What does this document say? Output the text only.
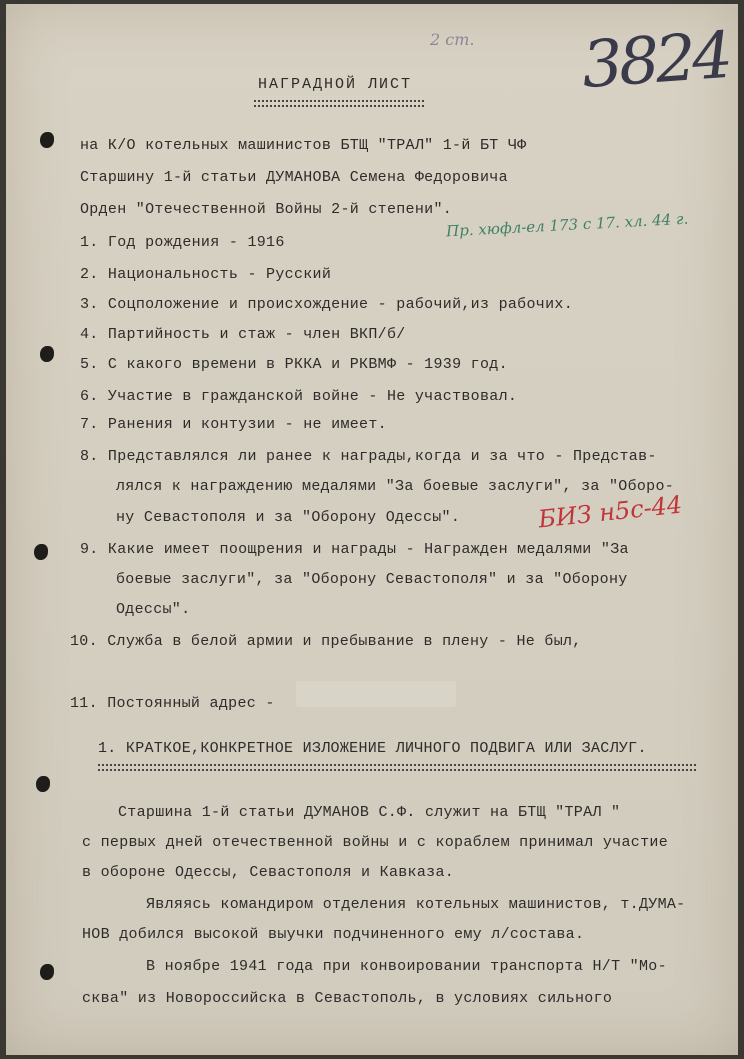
2 ст. 3824
НАГРАДНОЙ ЛИСТ
на К/О котельных машинистов БТЩ "ТРАЛ" 1-й БТ ЧФ
Старшину 1-й статьи ДУМАНОВА Семена Федоровича
Орден "Отечественной Войны 2-й степени".
Пр. хюфл-ел 173 с 17. хл. 44 г.
1. Год рождения - 1916
2. Национальность - Русский
3. Соцположение и происхождение - рабочий,из рабочих.
4. Партийность и стаж - член ВКП/б/
5. С какого времени в РККА и РКВМФ - 1939 год.
6. Участие в гражданской войне - Не участвовал.
7. Ранения и контузии - не имеет.
8. Представлялся ли ранее к награды,когда и за что - Представ-
лялся к награждению медалями "За боевые заслуги", за "Оборо-
ну Севастополя и за "Оборону Одессы".
9. Какие имеет поощрения и награды - Награжден медалями "За
боевые заслуги", за "Оборону Севастополя" и за "Оборону
Одессы".
10. Служба в белой армии и пребывание в плену - Не был,
11. Постоянный адрес -
БИЗ н5с-44
1. КРАТКОЕ,КОНКРЕТНОЕ ИЗЛОЖЕНИЕ ЛИЧНОГО ПОДВИГА ИЛИ ЗАСЛУГ.
Старшина 1-й статьи ДУМАНОВ С.Ф. служит на БТЩ "ТРАЛ "
с первых дней отечественной войны и с кораблем принимал участие
в обороне Одессы, Севастополя и Кавказа.
Являясь командиром отделения котельных машинистов, т.ДУМА-
НОВ добился высокой выучки подчиненного ему л/состава.
В ноябре 1941 года при конвоировании транспорта Н/Т "Мо-
сква" из Новороссийска в Севастополь, в условиях сильного
